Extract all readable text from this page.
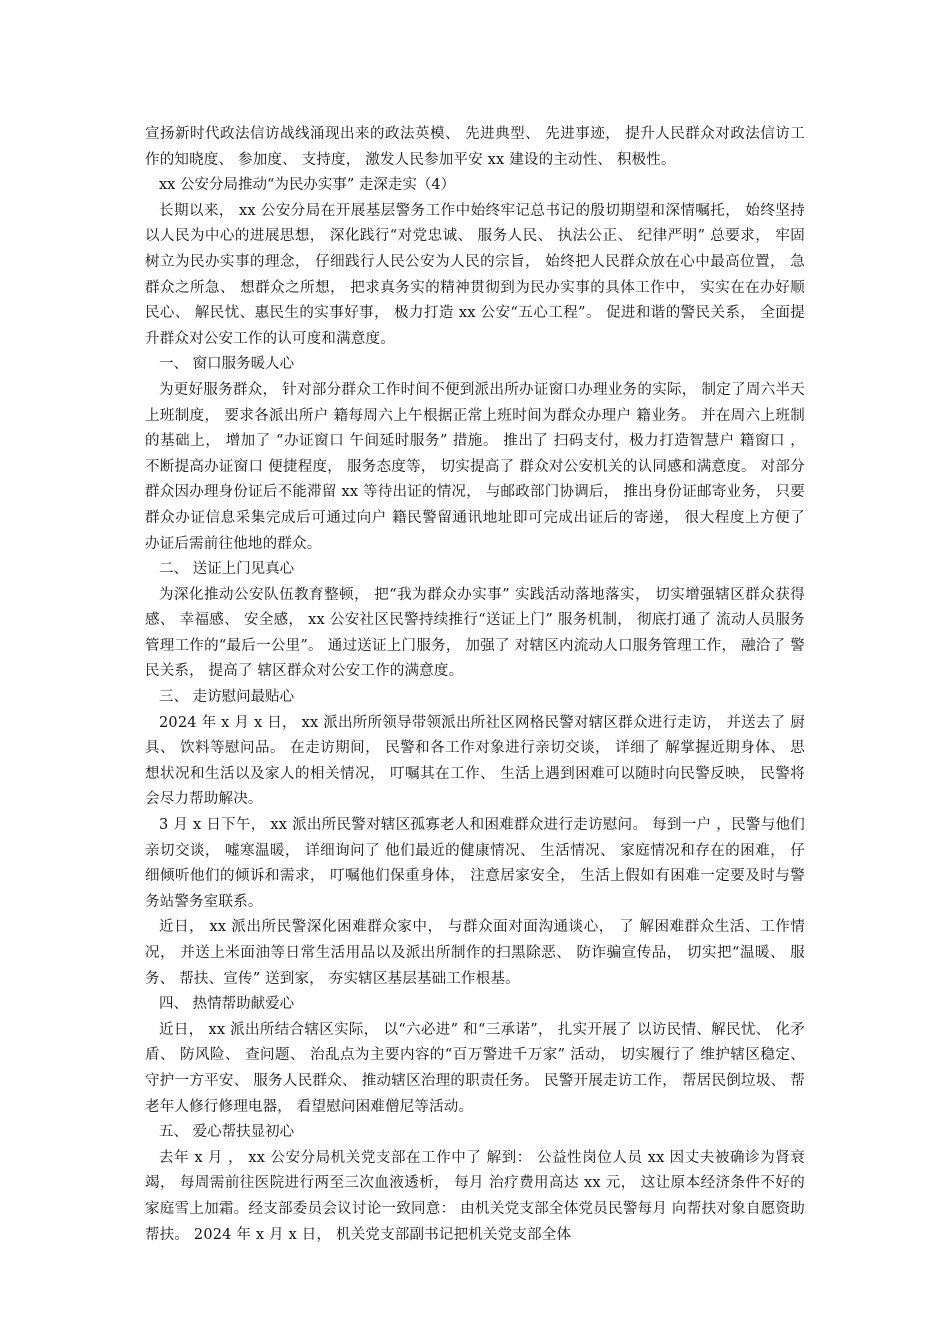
宣扬新时代政法信访战线涌现出来的政法英模、 先进典型、 先进事迹， 提升人民群众对政法信访工作的知晓度、 参加度、 支持度， 激发人民参加平安 xx 建设的主动性、 积极性。

xx 公安分局推动“为民办实事” 走深走实（4）

长期以来， xx 公安分局在开展基层警务工作中始终牢记总书记的殷切期望和深情嘱托， 始终坚持以人民为中心的进展思想， 深化践行“对党忠诚、 服务人民、 执法公正、 纪律严明” 总要求， 牢固树立为民办实事的理念， 仔细践行人民公安为人民的宗旨， 始终把人民群众放在心中最高位置， 急群众之所急、 想群众之所想， 把求真务实的精神贯彻到为民办实事的具体工作中， 实实在在办好顺民心、 解民忧、惠民生的实事好事， 极力打造 xx 公安“五心工程”。 促进和谐的警民关系， 全面提升群众对公安工作的认可度和满意度。

一、 窗口服务暖人心

为更好服务群众， 针对部分群众工作时间不便到派出所办证窗口办理业务的实际， 制定了周六半天上班制度， 要求各派出所户 籍每周六上午根据正常上班时间为群众办理户 籍业务。 并在周六上班制的基础上， 增加了 “办证窗口 午间延时服务” 措施。 推出了 扫码支付，极力打造智慧户 籍窗口 ， 不断提高办证窗口 便捷程度， 服务态度等， 切实提高了 群众对公安机关的认同感和满意度。 对部分群众因办理身份证后不能滞留 xx 等待出证的情况， 与邮政部门协调后， 推出身份证邮寄业务， 只要群众办证信息采集完成后可通过向户 籍民警留通讯地址即可完成出证后的寄递， 很大程度上方便了 办证后需前往他地的群众。

二、 送证上门见真心

为深化推动公安队伍教育整顿， 把“我为群众办实事” 实践活动落地落实， 切实增强辖区群众获得感、 幸福感、 安全感， xx 公安社区民警持续推行“送证上门” 服务机制， 彻底打通了 流动人员服务管理工作的“最后一公里”。 通过送证上门服务， 加强了 对辖区内流动人口服务管理工作， 融洽了 警民关系， 提高了 辖区群众对公安工作的满意度。

三、 走访慰问最贴心

2024 年 x 月 x 日， xx 派出所所领导带领派出所社区网格民警对辖区群众进行走访， 并送去了 厨具、 饮料等慰问品。 在走访期间， 民警和各工作对象进行亲切交谈， 详细了 解掌握近期身体、 思想状况和生活以及家人的相关情况， 叮嘱其在工作、 生活上遇到困难可以随时向民警反映， 民警将会尽力帮助解决。

3 月 x 日下午， xx 派出所民警对辖区孤寡老人和困难群众进行走访慰问。 每到一户 ，民警与他们亲切交谈， 嘘寒温暖， 详细询问了 他们最近的健康情况、 生活情况、 家庭情况和存在的困难， 仔细倾听他们的倾诉和需求， 叮嘱他们保重身体， 注意居家安全， 生活上假如有困难一定要及时与警务站警务室联系。

近日， xx 派出所民警深化困难群众家中， 与群众面对面沟通谈心， 了 解困难群众生活、工作情况， 并送上米面油等日常生活用品以及派出所制作的扫黑除恶、 防诈骗宣传品， 切实把“温暖、 服务、 帮扶、宣传” 送到家， 夯实辖区基层基础工作根基。

四、 热情帮助献爱心

近日， xx 派出所结合辖区实际， 以“六必进” 和“三承诺”， 扎实开展了 以访民情、解民忧、 化矛盾、 防风险、 查问题、 治乱点为主要内容的“百万警进千万家” 活动， 切实履行了 维护辖区稳定、 守护一方平安、 服务人民群众、 推动辖区治理的职责任务。 民警开展走访工作， 帮居民倒垃圾、 帮老年人修行修理电器， 看望慰问困难僧尼等活动。

五、 爱心帮扶显初心

去年 x 月 ， xx 公安分局机关党支部在工作中了 解到： 公益性岗位人员 xx 因丈夫被确诊为肾衰竭， 每周需前往医院进行两至三次血液透析， 每月 治疗费用高达 xx 元， 这让原本经济条件不好的家庭雪上加霜。经支部委员会议讨论一致同意： 由机关党支部全体党员民警每月 向帮扶对象自愿资助帮扶。 2024 年 x 月 x 日， 机关党支部副书记把机关党支部全体
